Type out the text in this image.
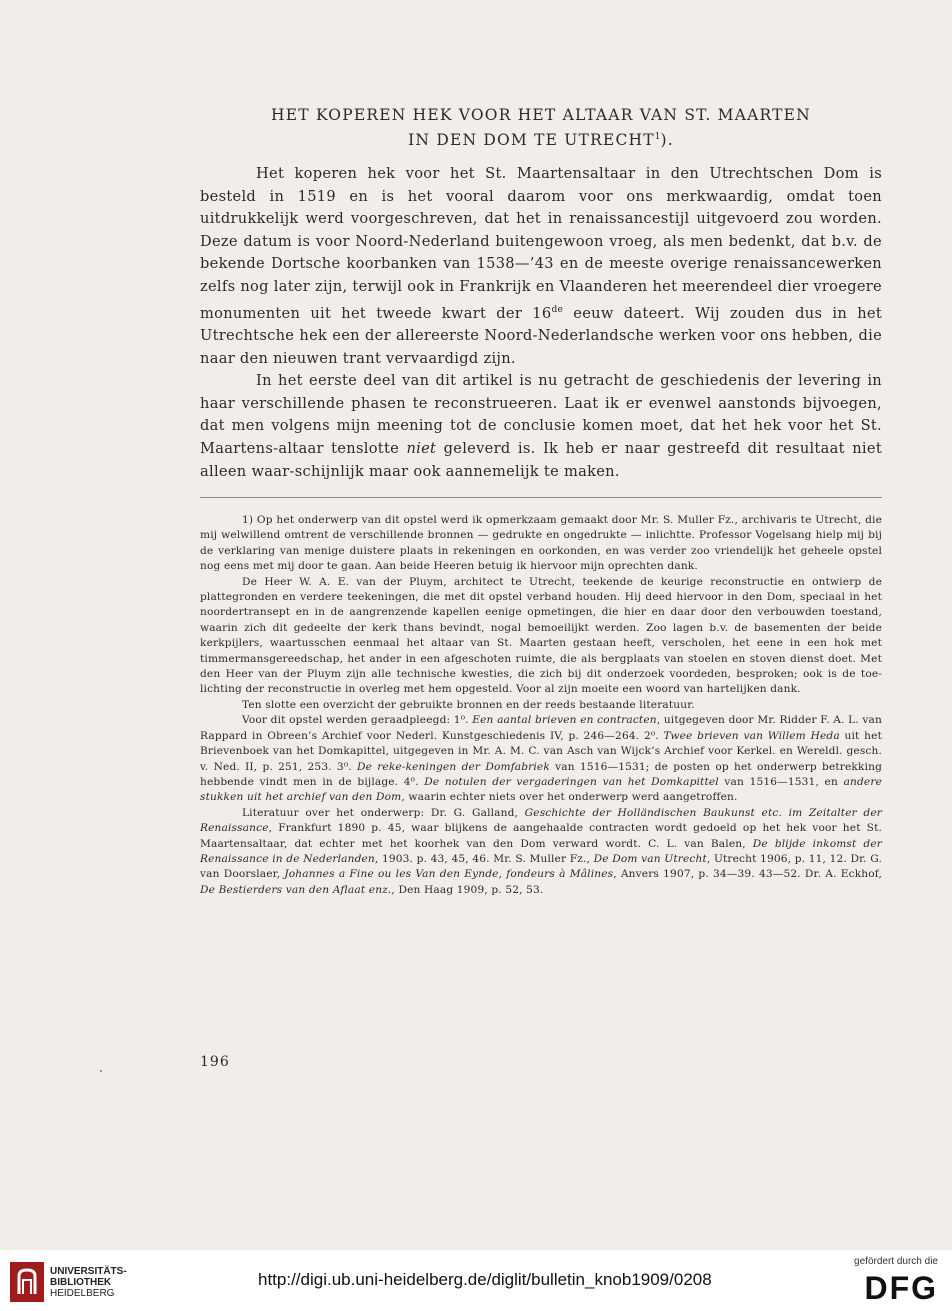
HET KOPEREN HEK VOOR HET ALTAAR VAN ST. MAARTEN
IN DEN DOM TE UTRECHT$^1$).

Het koperen hek voor het St. Maartensaltaar in den Utrechtschen Dom is besteld in 1519 en is het vooral daarom voor ons merkwaardig, omdat toen uitdrukkelijk werd voorgeschreven, dat het in renaissancestijl uitgevoerd zou worden. Deze datum is voor Noord-Nederland buitengewoon vroeg, als men bedenkt, dat b.v. de bekende Dortsche koorbanken van 1538—’43 en de meeste overige renaissancewerken zelfs nog later zijn, terwijl ook in Frankrijk en Vlaanderen het meerendeel dier vroegere monumenten uit het tweede kwart der 16de eeuw dateert. Wij zouden dus in het Utrechtsche hek een der allereerste Noord-Nederlandsche werken voor ons hebben, die naar den nieuwen trant vervaardigd zijn.

In het eerste deel van dit artikel is nu getracht de geschiedenis der levering in haar verschillende phasen te reconstrueeren. Laat ik er evenwel aanstonds bijvoegen, dat men volgens mijn meening tot de conclusie komen moet, dat het hek voor het St. Maartens-altaar tenslotte niet geleverd is. Ik heb er naar gestreefd dit resultaat niet alleen waar-schijnlijk maar ook aannemelijk te maken.

1) Op het onderwerp van dit opstel werd ik opmerkzaam gemaakt door Mr. S. Muller Fz., archivaris te Utrecht, die mij welwillend omtrent de verschillende bronnen — gedrukte en ongedrukte — inlichtte. Professor Vogelsang hielp mij bij de verklaring van menige duistere plaats in rekeningen en oorkonden, en was verder zoo vriendelijk het geheele opstel nog eens met mij door te gaan. Aan beide Heeren betuig ik hiervoor mijn oprechten dank.

De Heer W. A. E. van der Pluym, architect te Utrecht, teekende de keurige reconstructie en ontwierp de plattegronden en verdere teekeningen, die met dit opstel verband houden. Hij deed hiervoor in den Dom, speciaal in het noordertransept en in de aangrenzende kapellen eenige opmetingen, die hier en daar door den verbouwden toestand, waarin zich dit gedeelte der kerk thans bevindt, nogal bemoeilijkt werden. Zoo lagen b.v. de basementen der beide kerkpijlers, waartusschen eenmaal het altaar van St. Maarten gestaan heeft, verscholen, het eene in een hok met timmermansgereedschap, het ander in een afgeschoten ruimte, die als bergplaats van stoelen en stoven dienst doet. Met den Heer van der Pluym zijn alle technische kwesties, die zich bij dit onderzoek voordeden, besproken; ook is de toe-lichting der reconstructie in overleg met hem opgesteld. Voor al zijn moeite een woord van hartelijken dank.

Ten slotte een overzicht der gebruikte bronnen en der reeds bestaande literatuur.

Voor dit opstel werden geraadpleegd: 1⁰. Een aantal brieven en contracten, uitgegeven door Mr. Ridder F. A. L. van Rappard in Obreen’s Archief voor Nederl. Kunstgeschiedenis IV, p. 246—264. 2⁰. Twee brieven van Willem Heda uit het Brievenboek van het Domkapittel, uitgegeven in Mr. A. M. C. van Asch van Wijck’s Archief voor Kerkel. en Wereldl. gesch. v. Ned. II, p. 251, 253. 3⁰. De reke-keningen der Domfabriek van 1516—1531; de posten op het onderwerp betrekking hebbende vindt men in de bijlage. 4⁰. De notulen der vergaderingen van het Domkapittel van 1516—1531, en andere stukken uit het archief van den Dom, waarin echter niets over het onderwerp werd aangetroffen.

Literatuur over het onderwerp: Dr. G. Galland, Geschichte der Holländischen Baukunst etc. im Zeitalter der Renaissance, Frankfurt 1890 p. 45, waar blijkens de aangehaalde contracten wordt gedoeld op het hek voor het St. Maartensaltaar, dat echter met het koorhek van den Dom verward wordt. C. L. van Balen, De blijde inkomst der Renaissance in de Nederlanden, 1903. p. 43, 45, 46. Mr. S. Muller Fz., De Dom van Utrecht, Utrecht 1906, p. 11, 12. Dr. G. van Doorslaer, Johannes a Fine ou les Van den Eynde, fondeurs à Mâlines, Anvers 1907, p. 34—39. 43—52. Dr. A. Eckhof, De Bestierders van den Aflaat enz., Den Haag 1909, p. 52, 53.

196
UNIVERSITÄTS-
BIBLIOTHEK
HEIDELBERG
http://digi.ub.uni-heidelberg.de/diglit/bulletin_knob1909/0208
gefördert durch die
DFG
